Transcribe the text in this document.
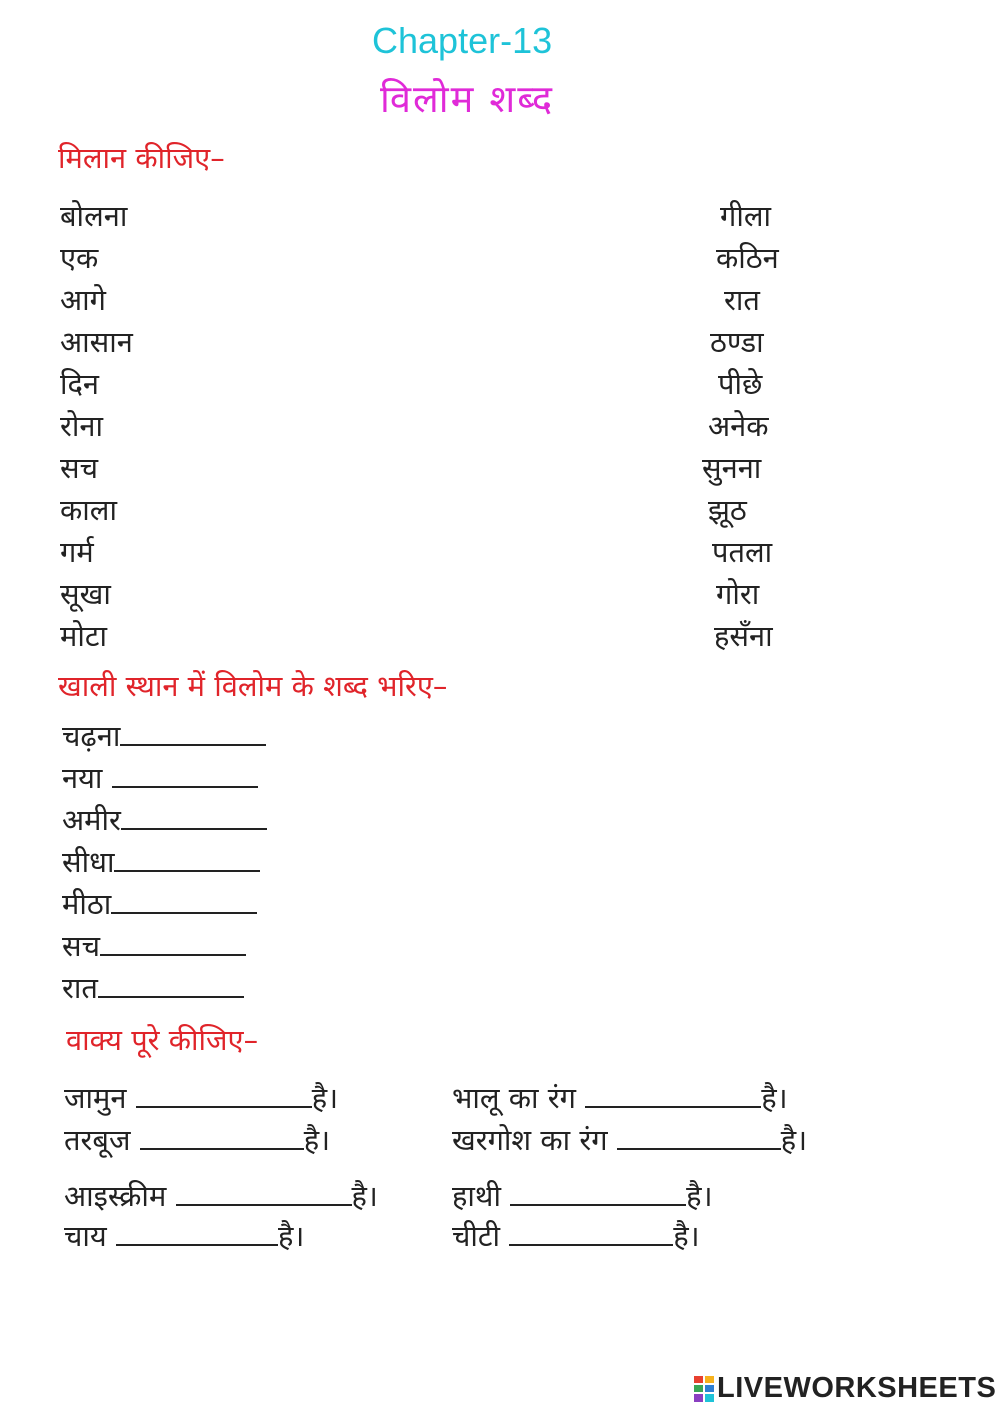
Chapter-13
विलोम शब्द
मिलान कीजिए–
बोलना
एक
आगे
आसान
दिन
रोना
सच
काला
गर्म
सूखा
मोटा
गीला
कठिन
रात
ठण्डा
पीछे
अनेक
सुनना
झूठ
पतला
गोरा
हसँना
खाली स्थान में विलोम के शब्द भरिए–
चढ़ना
नया
अमीर
सीधा
मीठा
सच
रात
वाक्य पूरे कीजिए–
जामुन	है।
तरबूज	है।
आइस्क्रीम	है।
चाय	है।
भालू का रंग	है।
खरगोश का रंग	है।
हाथी	है।
चीटी	है।
LIVEWORKSHEETS
